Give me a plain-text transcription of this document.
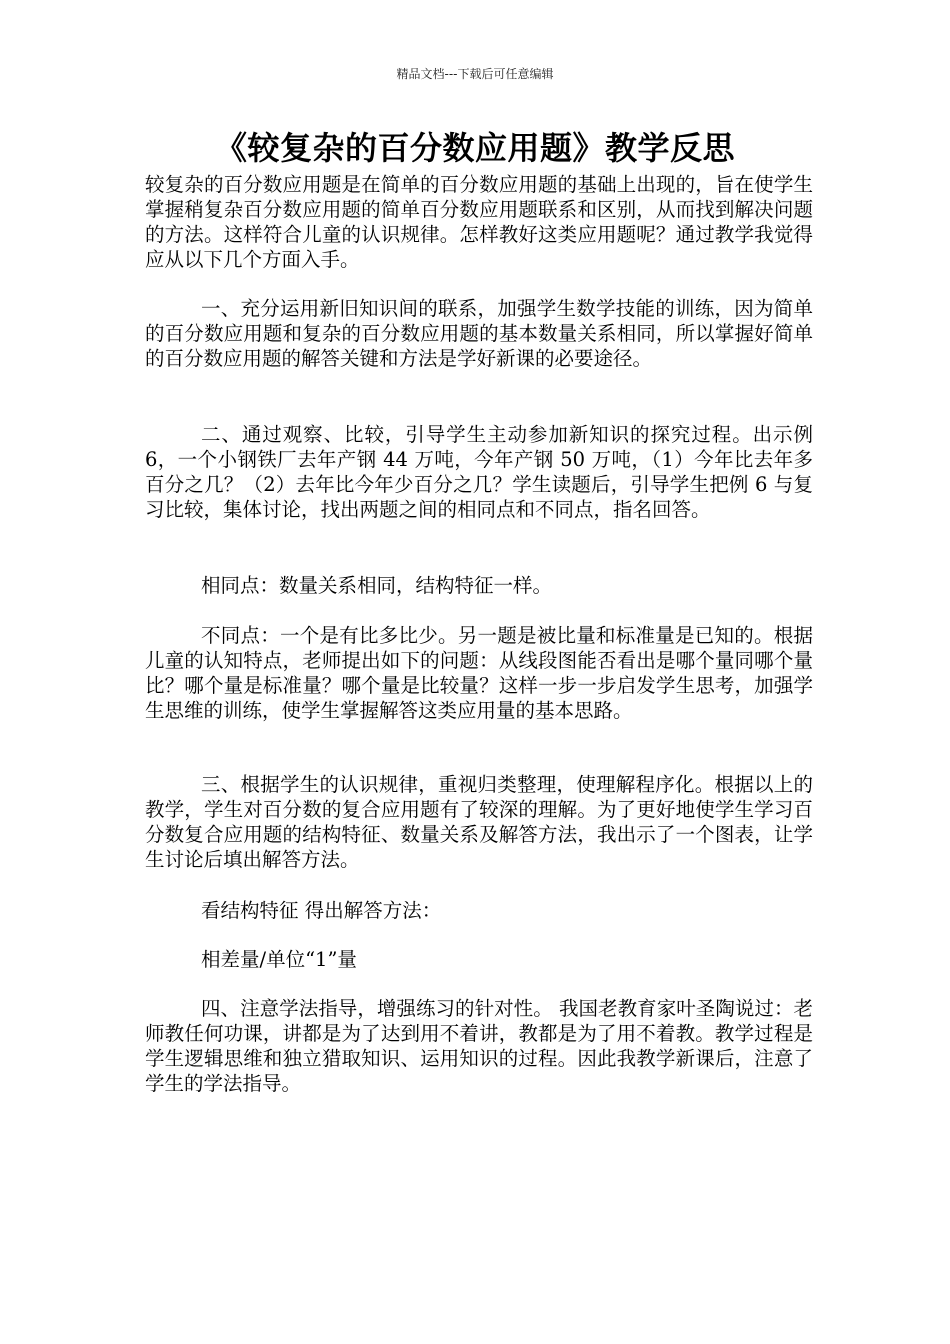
精品文档---下载后可任意编辑
《较复杂的百分数应用题》教学反思
较复杂的百分数应用题是在简单的百分数应用题的基础上出现的，旨在使学生掌握稍复杂百分数应用题的简单百分数应用题联系和区别，从而找到解决问题的方法。这样符合儿童的认识规律。怎样教好这类应用题呢？通过教学我觉得应从以下几个方面入手。
一、充分运用新旧知识间的联系，加强学生数学技能的训练，因为简单的百分数应用题和复杂的百分数应用题的基本数量关系相同，所以掌握好简单的百分数应用题的解答关键和方法是学好新课的必要途径。
二、通过观察、比较，引导学生主动参加新知识的探究过程。出示例 6，一个小钢铁厂去年产钢 44 万吨，今年产钢 50 万吨，（1）今年比去年多百分之几？（2）去年比今年少百分之几？学生读题后，引导学生把例 6 与复习比较，集体讨论，找出两题之间的相同点和不同点，指名回答。
相同点：数量关系相同，结构特征一样。
不同点：一个是有比多比少。另一题是被比量和标准量是已知的。根据儿童的认知特点，老师提出如下的问题：从线段图能否看出是哪个量同哪个量比？哪个量是标准量？哪个量是比较量？这样一步一步启发学生思考，加强学生思维的训练，使学生掌握解答这类应用量的基本思路。
三、根据学生的认识规律，重视归类整理，使理解程序化。根据以上的教学，学生对百分数的复合应用题有了较深的理解。为了更好地使学生学习百分数复合应用题的结构特征、数量关系及解答方法，我出示了一个图表，让学生讨论后填出解答方法。
看结构特征 得出解答方法：
相差量/单位“1”量
四、注意学法指导，增强练习的针对性。 我国老教育家叶圣陶说过：老师教任何功课，讲都是为了达到用不着讲，教都是为了用不着教。教学过程是学生逻辑思维和独立猎取知识、运用知识的过程。因此我教学新课后，注意了学生的学法指导。
